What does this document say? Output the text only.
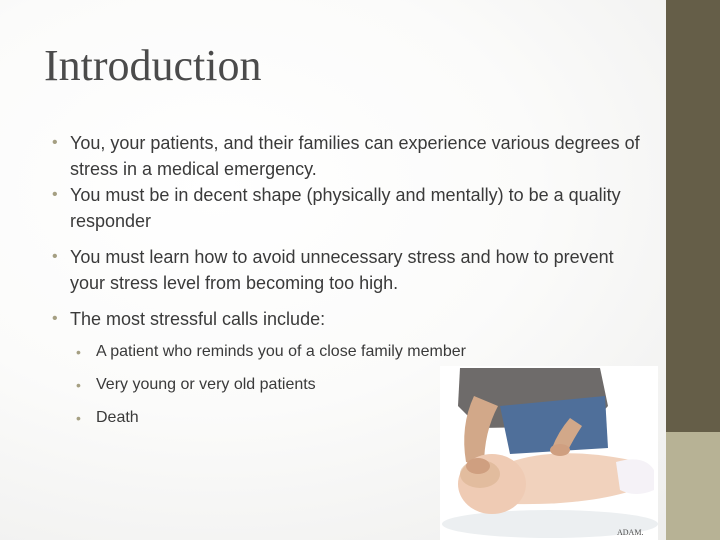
Introduction
• You, your patients, and their families can experience various degrees of stress in a medical emergency.
• You must be in decent shape (physically and mentally) to be a quality responder
• You must learn how to avoid unnecessary stress and how to prevent your stress level from becoming too high.
• The most stressful calls include:
• A patient who reminds you of a close family member
• Very young or very old patients
• Death
ADAM.
